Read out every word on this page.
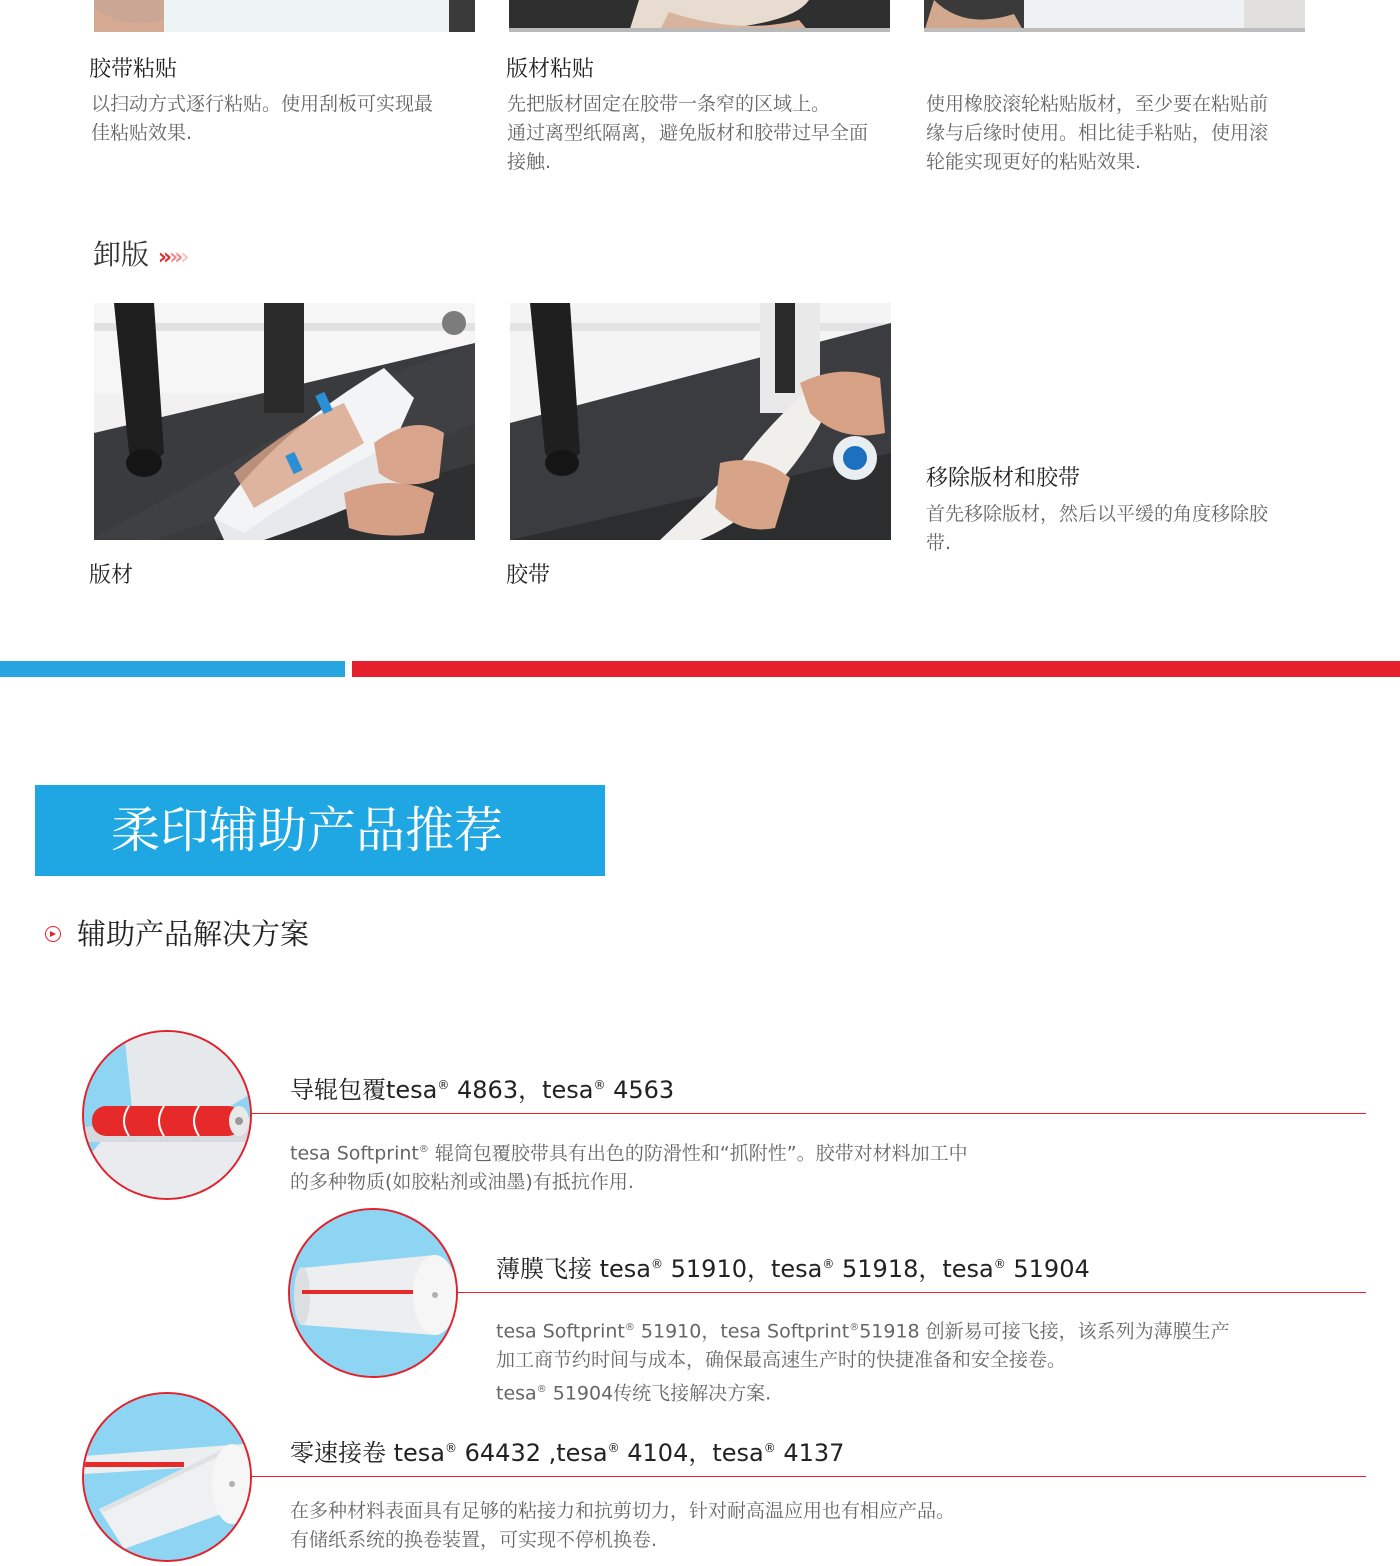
胶带粘贴
以扫动方式逐行粘贴。使用刮板可实现最
佳粘贴效果.
版材粘贴
先把版材固定在胶带一条窄的区域上。
通过离型纸隔离，避免版材和胶带过早全面
接触.
使用橡胶滚轮粘贴版材，至少要在粘贴前
缘与后缘时使用。相比徒手粘贴，使用滚
轮能实现更好的粘贴效果.
卸版 »»›
版材	胶带
移除版材和胶带
首先移除版材，然后以平缓的角度移除胶
带.
柔印辅助产品推荐
辅助产品解决方案
导辊包覆tesa® 4863，tesa® 4563
tesa Softprint® 辊筒包覆胶带具有出色的防滑性和“抓附性”。胶带对材料加工中
的多种物质(如胶粘剂或油墨)有抵抗作用.
薄膜飞接 tesa® 51910，tesa® 51918，tesa® 51904
tesa Softprint® 51910，tesa Softprint®51918 创新易可接飞接，该系列为薄膜生产
加工商节约时间与成本，确保最高速生产时的快捷准备和安全接卷。
tesa® 51904传统飞接解决方案.
零速接卷 tesa® 64432 ,tesa® 4104，tesa® 4137
在多种材料表面具有足够的粘接力和抗剪切力，针对耐高温应用也有相应产品。
有储纸系统的换卷装置，可实现不停机换卷.
